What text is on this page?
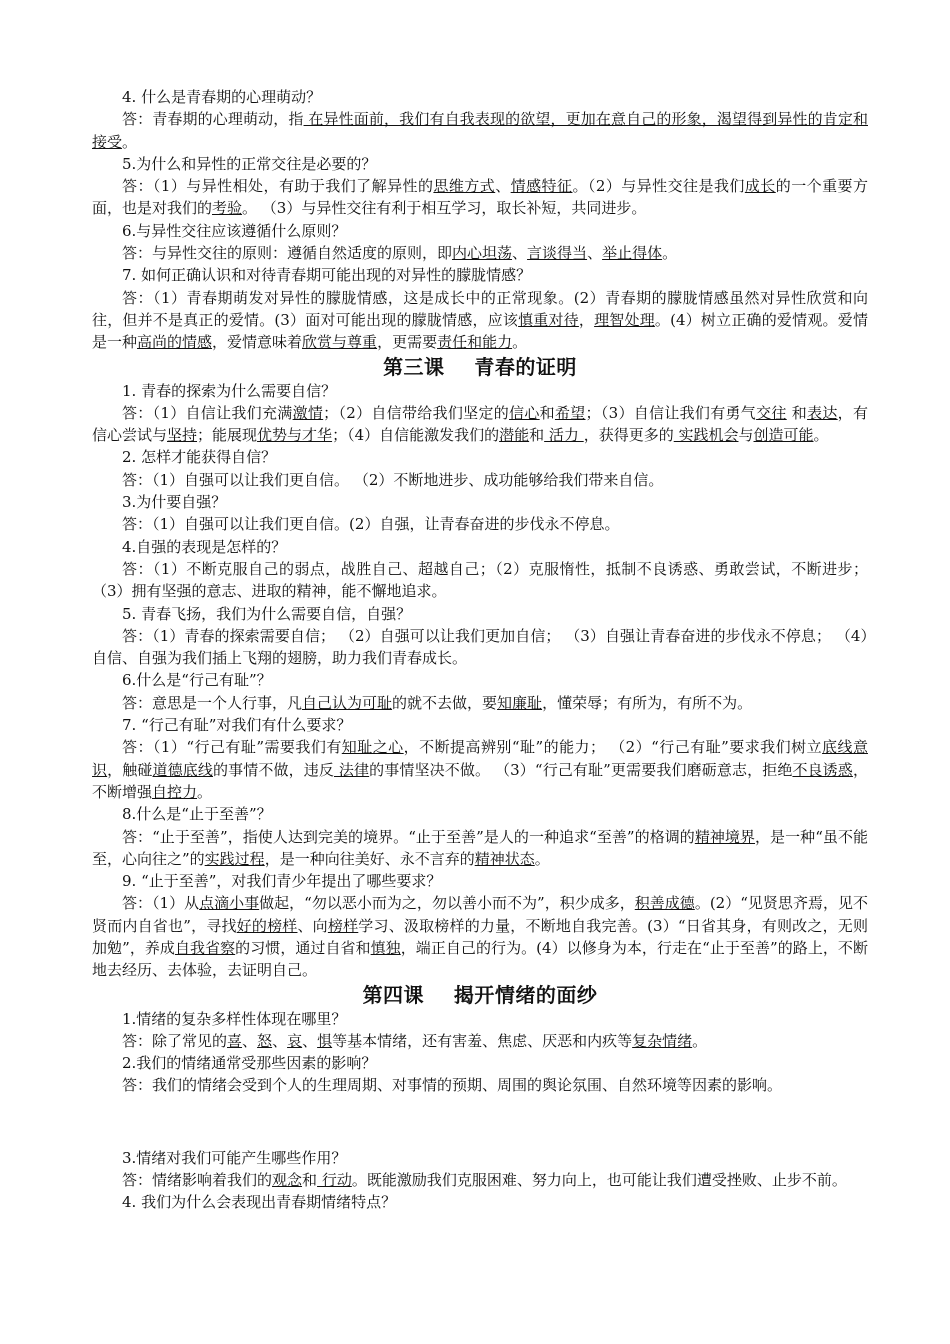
4. 什么是青春期的心理萌动？

答：青春期的心理萌动，指 在异性面前，我们有自我表现的欲望，更加在意自己的形象，渴望得到异性的肯定和接受。

5.为什么和异性的正常交往是必要的？

答：（1）与异性相处，有助于我们了解异性的思维方式、情感特征。（2）与异性交往是我们成长的一个重要方面，也是对我们的考验。 （3）与异性交往有利于相互学习，取长补短，共同进步。

6.与异性交往应该遵循什么原则？

答：与异性交往的原则：遵循自然适度的原则，即内心坦荡、言谈得当、举止得体。

7. 如何正确认识和对待青春期可能出现的对异性的朦胧情感？

答：（1）青春期萌发对异性的朦胧情感，这是成长中的正常现象。(2）青春期的朦胧情感虽然对异性欣赏和向往，但并不是真正的爱情。(3）面对可能出现的朦胧情感，应该慎重对待，理智处理。(4）树立正确的爱情观。爱情是一种高尚的情感，爱情意味着欣赏与尊重，更需要责任和能力。

第三课    青春的证明

1. 青春的探索为什么需要自信？

答：（1）自信让我们充满激情；（2）自信带给我们坚定的信心和希望；（3）自信让我们有勇气交往 和表达，有信心尝试与坚持；能展现优势与才华；（4）自信能激发我们的潜能和 活力 ，获得更多的 实践机会与创造可能。

2. 怎样才能获得自信？

答：（1）自强可以让我们更自信。 （2）不断地进步、成功能够给我们带来自信。

3.为什要自强？

答：（1）自强可以让我们更自信。(2）自强，让青春奋进的步伐永不停息。

4.自强的表现是怎样的？

答：（1）不断克服自己的弱点，战胜自己、超越自己；（2）克服惰性，抵制不良诱惑、勇敢尝试，不断进步；（3）拥有坚强的意志、进取的精神，能不懈地追求。

5. 青春飞扬，我们为什么需要自信，自强？

答：（1）青春的探索需要自信； （2）自强可以让我们更加自信； （3）自强让青春奋进的步伐永不停息； （4）自信、自强为我们插上飞翔的翅膀，助力我们青春成长。

6.什么是“行己有耻”？

答：意思是一个人行事，凡自己认为可耻的就不去做，要知廉耻，懂荣辱；有所为，有所不为。

7. “行己有耻”对我们有什么要求？

答：（1）“行己有耻”需要我们有知耻之心，不断提高辨别“耻”的能力； （2）“行己有耻”要求我们树立底线意识，触碰道德底线的事情不做，违反 法律的事情坚决不做。 （3）“行己有耻”更需要我们磨砺意志，拒绝不良诱惑，不断增强自控力。

8.什么是“止于至善”？

答：“止于至善”，指使人达到完美的境界。“止于至善”是人的一种追求“至善”的格调的精神境界，是一种“虽不能至，心向往之”的实践过程，是一种向往美好、永不言弃的精神状态。

9. “止于至善”，对我们青少年提出了哪些要求？

答：（1）从点滴小事做起，“勿以恶小而为之，勿以善小而不为”，积少成多，积善成德。(2）“见贤思齐焉，见不贤而内自省也”，寻找好的榜样、向榜样学习、汲取榜样的力量，不断地自我完善。(3）“日省其身，有则改之，无则加勉”，养成自我省察的习惯，通过自省和慎独，端正自己的行为。(4）以修身为本，行走在“止于至善”的路上，不断地去经历、去体验，去证明自己。

第四课    揭开情绪的面纱

1.情绪的复杂多样性体现在哪里？

答：除了常见的喜、怒、哀、惧等基本情绪，还有害羞、焦虑、厌恶和内疚等复杂情绪。

2.我们的情绪通常受那些因素的影响？

答：我们的情绪会受到个人的生理周期、对事情的预期、周围的舆论氛围、自然环境等因素的影响。

3.情绪对我们可能产生哪些作用？

答：情绪影响着我们的观念和 行动。既能激励我们克服困难、努力向上，也可能让我们遭受挫败、止步不前。

4. 我们为什么会表现出青春期情绪特点？
